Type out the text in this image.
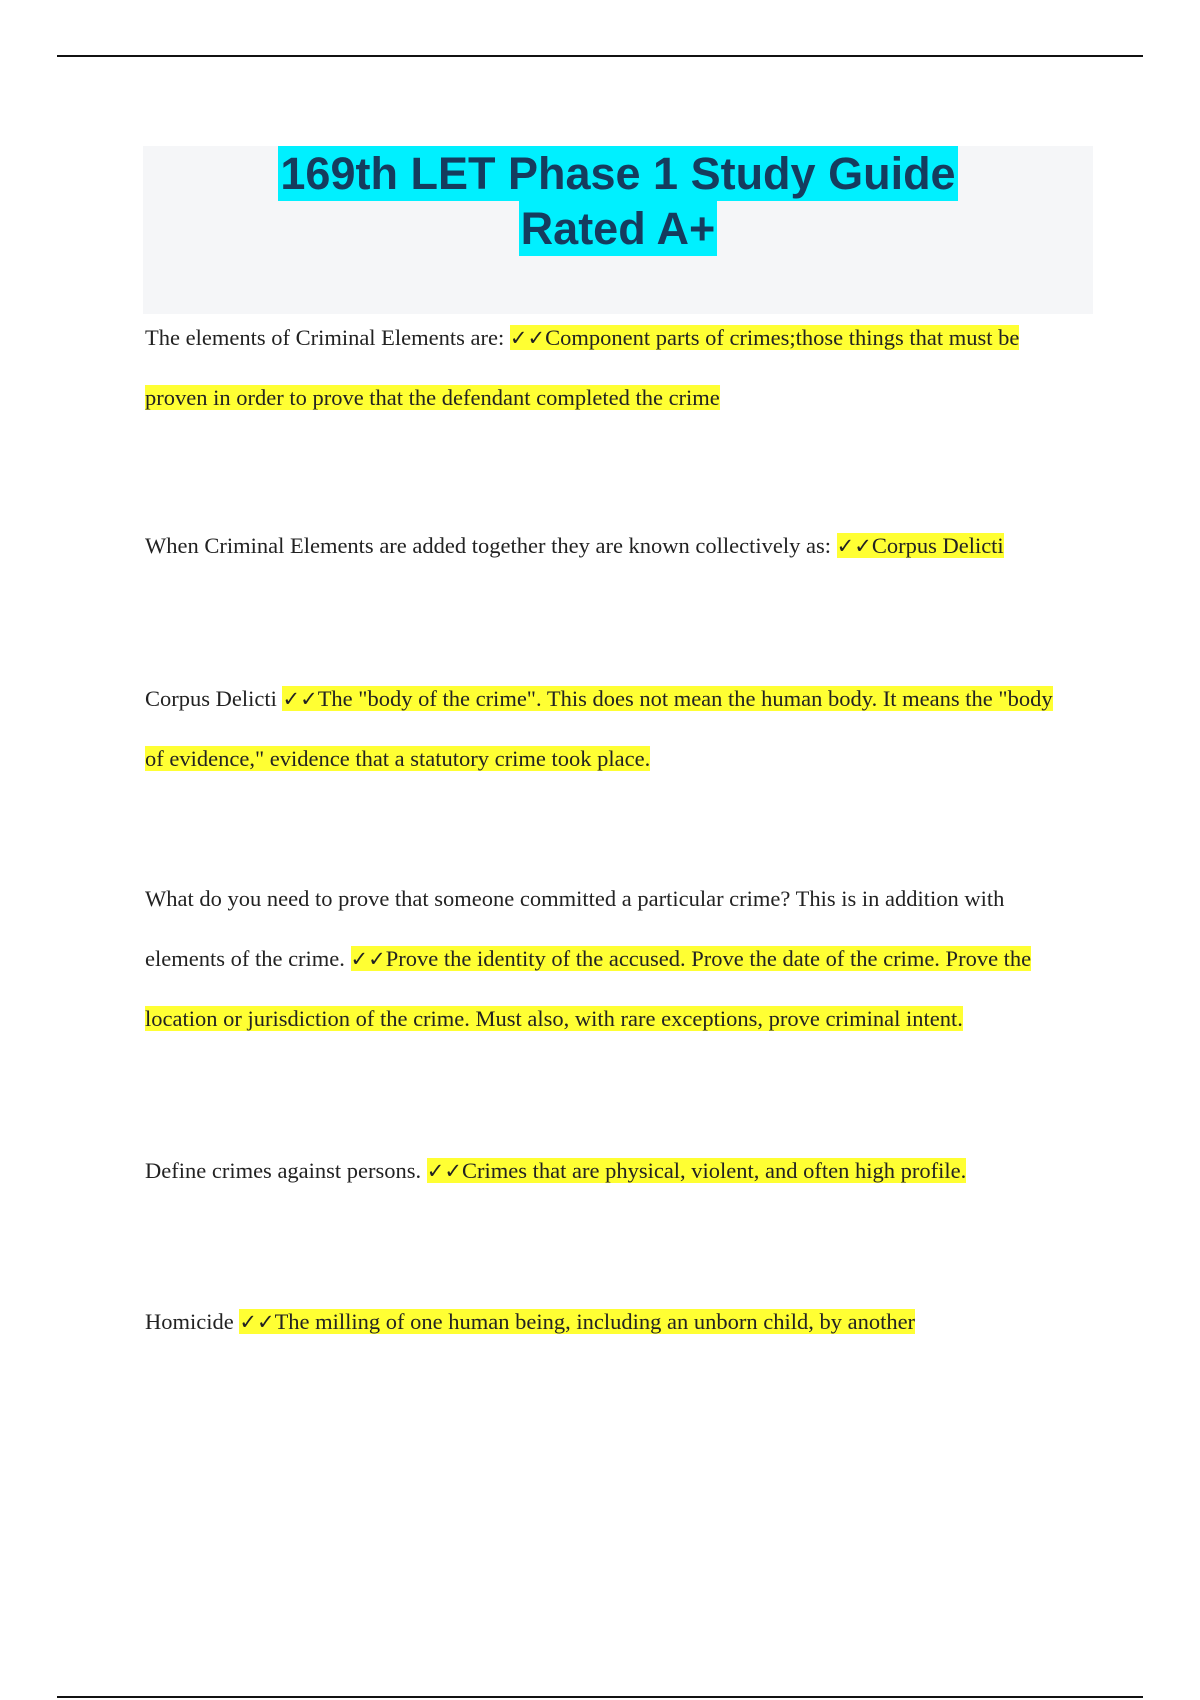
169th LET Phase 1 Study Guide
Rated A+

The elements of Criminal Elements are: ✓✓Component parts of crimes;those things that must be proven in order to prove that the defendant completed the crime

When Criminal Elements are added together they are known collectively as: ✓✓Corpus Delicti

Corpus Delicti ✓✓The "body of the crime". This does not mean the human body. It means the "body of evidence," evidence that a statutory crime took place.

What do you need to prove that someone committed a particular crime? This is in addition with elements of the crime. ✓✓Prove the identity of the accused. Prove the date of the crime. Prove the location or jurisdiction of the crime. Must also, with rare exceptions, prove criminal intent.

Define crimes against persons. ✓✓Crimes that are physical, violent, and often high profile.

Homicide ✓✓The milling of one human being, including an unborn child, by another
